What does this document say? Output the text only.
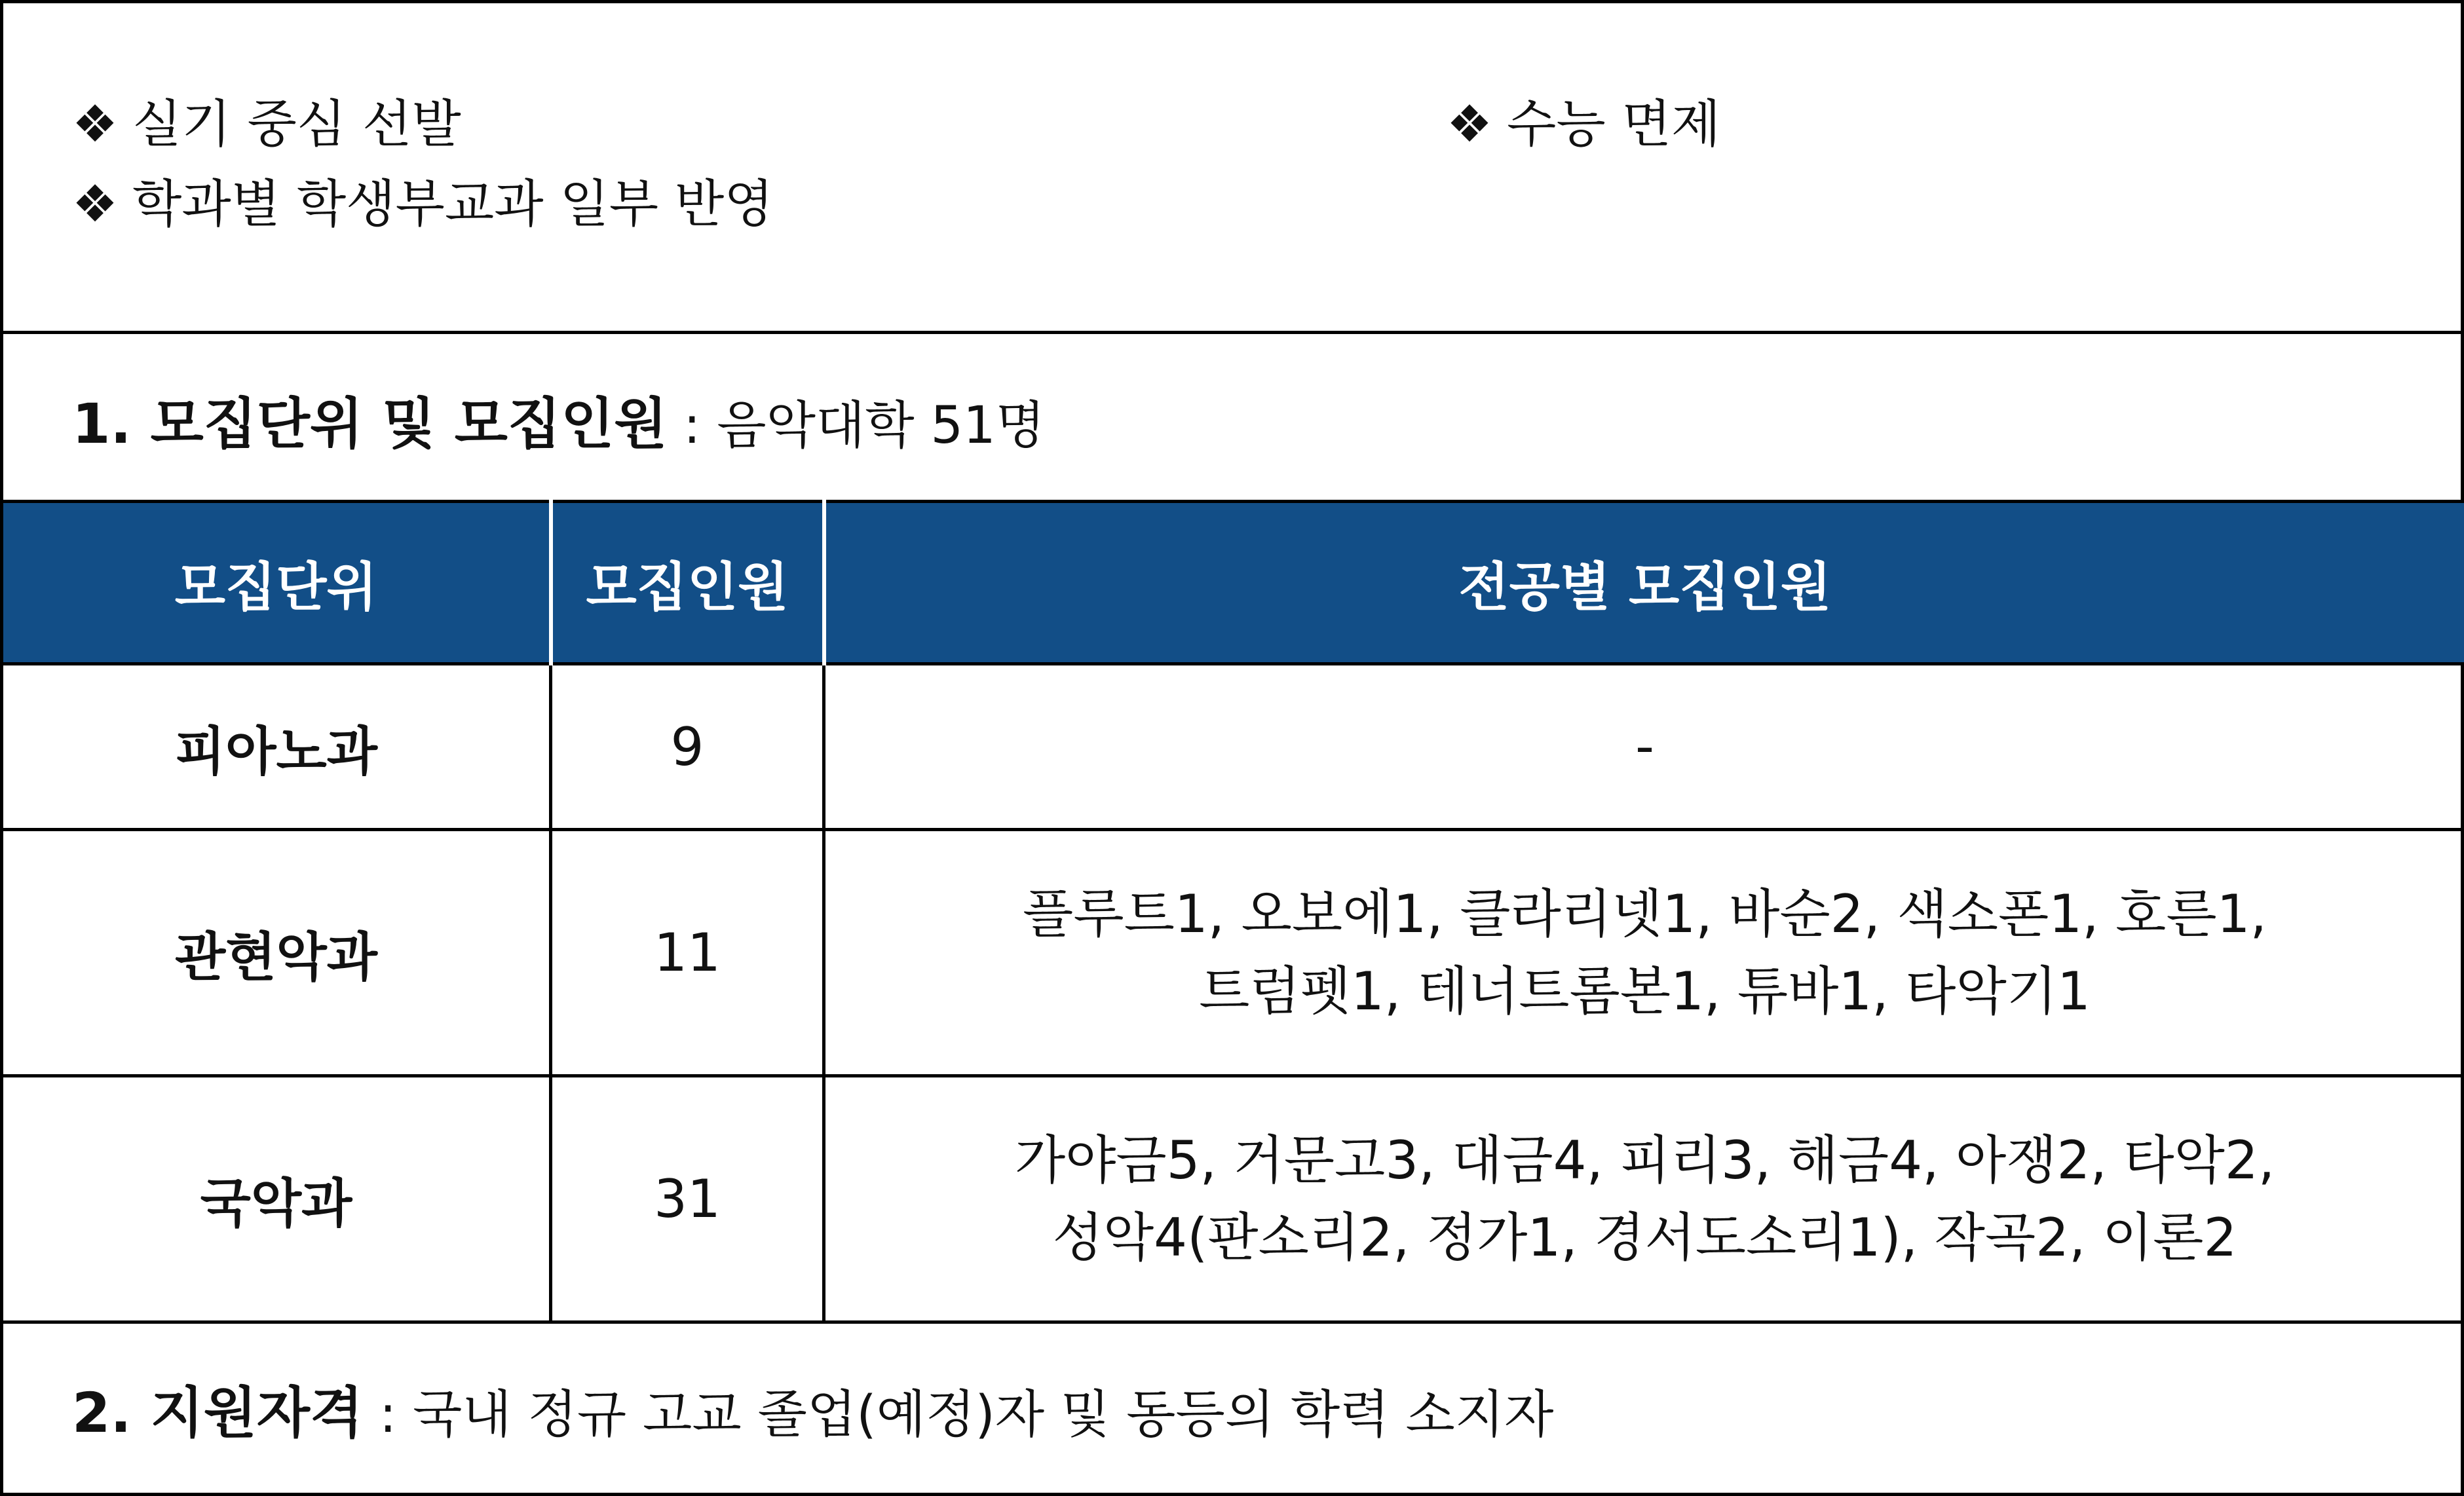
❖ 실기 중심 선발
❖ 학과별 학생부교과 일부 반영
❖ 수능 면제
1. 모집단위 및 모집인원 : 음악대학 51명
모집단위	모집인원	전공별 모집인원
피아노과	9	-

관현악과	11	플루트1, 오보에1, 클라리넷1, 바순2, 색소폰1, 호른1,
트럼펫1, 테너트롬본1, 튜바1, 타악기1

국악과	31	가야금5, 거문고3, 대금4, 피리3, 해금4, 아쟁2, 타악2,
성악4(판소리2, 정가1, 경서도소리1), 작곡2, 이론2
2. 지원자격 : 국내 정규 고교 졸업(예정)자 및 동등의 학력 소지자
